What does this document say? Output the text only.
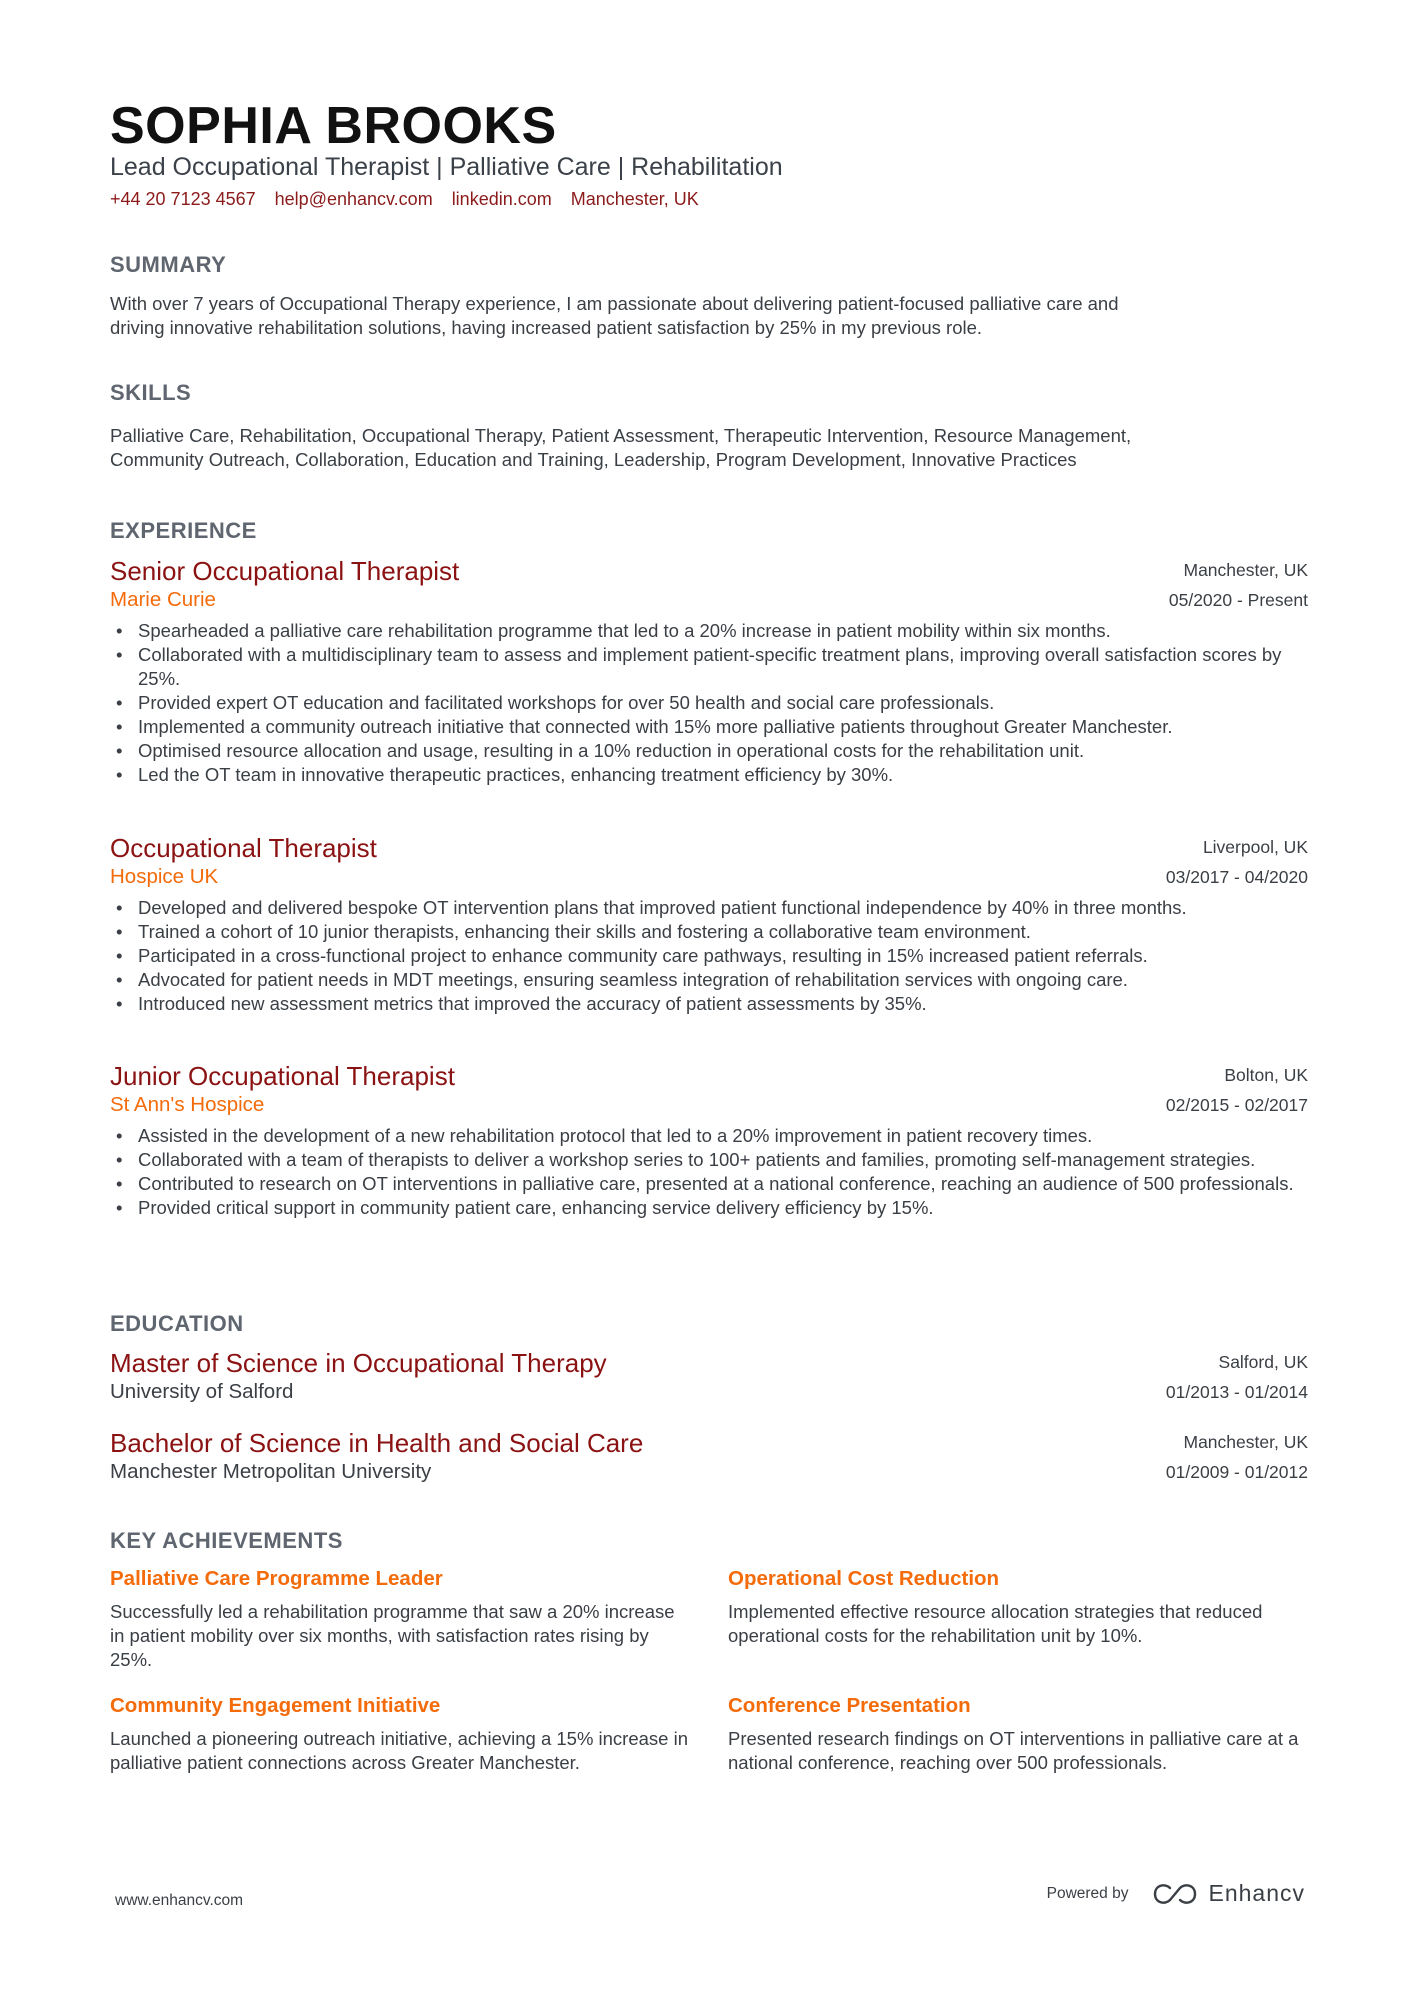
SOPHIA BROOKS
Lead Occupational Therapist | Palliative Care | Rehabilitation
+44 20 7123 4567 help@enhancv.com linkedin.com Manchester, UK
SUMMARY
With over 7 years of Occupational Therapy experience, I am passionate about delivering patient-focused palliative care and
driving innovative rehabilitation solutions, having increased patient satisfaction by 25% in my previous role.
SKILLS
Palliative Care, Rehabilitation, Occupational Therapy, Patient Assessment, Therapeutic Intervention, Resource Management,
Community Outreach, Collaboration, Education and Training, Leadership, Program Development, Innovative Practices
EXPERIENCE
Senior Occupational Therapist
Marie Curie
Manchester, UK
05/2020 - Present
• Spearheaded a palliative care rehabilitation programme that led to a 20% increase in patient mobility within six months.
• Collaborated with a multidisciplinary team to assess and implement patient-specific treatment plans, improving overall satisfaction scores by 25%.
• Provided expert OT education and facilitated workshops for over 50 health and social care professionals.
• Implemented a community outreach initiative that connected with 15% more palliative patients throughout Greater Manchester.
• Optimised resource allocation and usage, resulting in a 10% reduction in operational costs for the rehabilitation unit.
• Led the OT team in innovative therapeutic practices, enhancing treatment efficiency by 30%.
Occupational Therapist
Hospice UK
Liverpool, UK
03/2017 - 04/2020
• Developed and delivered bespoke OT intervention plans that improved patient functional independence by 40% in three months.
• Trained a cohort of 10 junior therapists, enhancing their skills and fostering a collaborative team environment.
• Participated in a cross-functional project to enhance community care pathways, resulting in 15% increased patient referrals.
• Advocated for patient needs in MDT meetings, ensuring seamless integration of rehabilitation services with ongoing care.
• Introduced new assessment metrics that improved the accuracy of patient assessments by 35%.
Junior Occupational Therapist
St Ann's Hospice
Bolton, UK
02/2015 - 02/2017
• Assisted in the development of a new rehabilitation protocol that led to a 20% improvement in patient recovery times.
• Collaborated with a team of therapists to deliver a workshop series to 100+ patients and families, promoting self-management strategies.
• Contributed to research on OT interventions in palliative care, presented at a national conference, reaching an audience of 500 professionals.
• Provided critical support in community patient care, enhancing service delivery efficiency by 15%.
EDUCATION
Master of Science in Occupational Therapy
University of Salford
Salford, UK
01/2013 - 01/2014
Bachelor of Science in Health and Social Care
Manchester Metropolitan University
Manchester, UK
01/2009 - 01/2012
KEY ACHIEVEMENTS
Palliative Care Programme Leader
Successfully led a rehabilitation programme that saw a 20% increase in patient mobility over six months, with satisfaction rates rising by 25%.
Operational Cost Reduction
Implemented effective resource allocation strategies that reduced operational costs for the rehabilitation unit by 10%.
Community Engagement Initiative
Launched a pioneering outreach initiative, achieving a 15% increase in palliative patient connections across Greater Manchester.
Conference Presentation
Presented research findings on OT interventions in palliative care at a national conference, reaching over 500 professionals.
www.enhancv.com	Powered by	Enhancv
